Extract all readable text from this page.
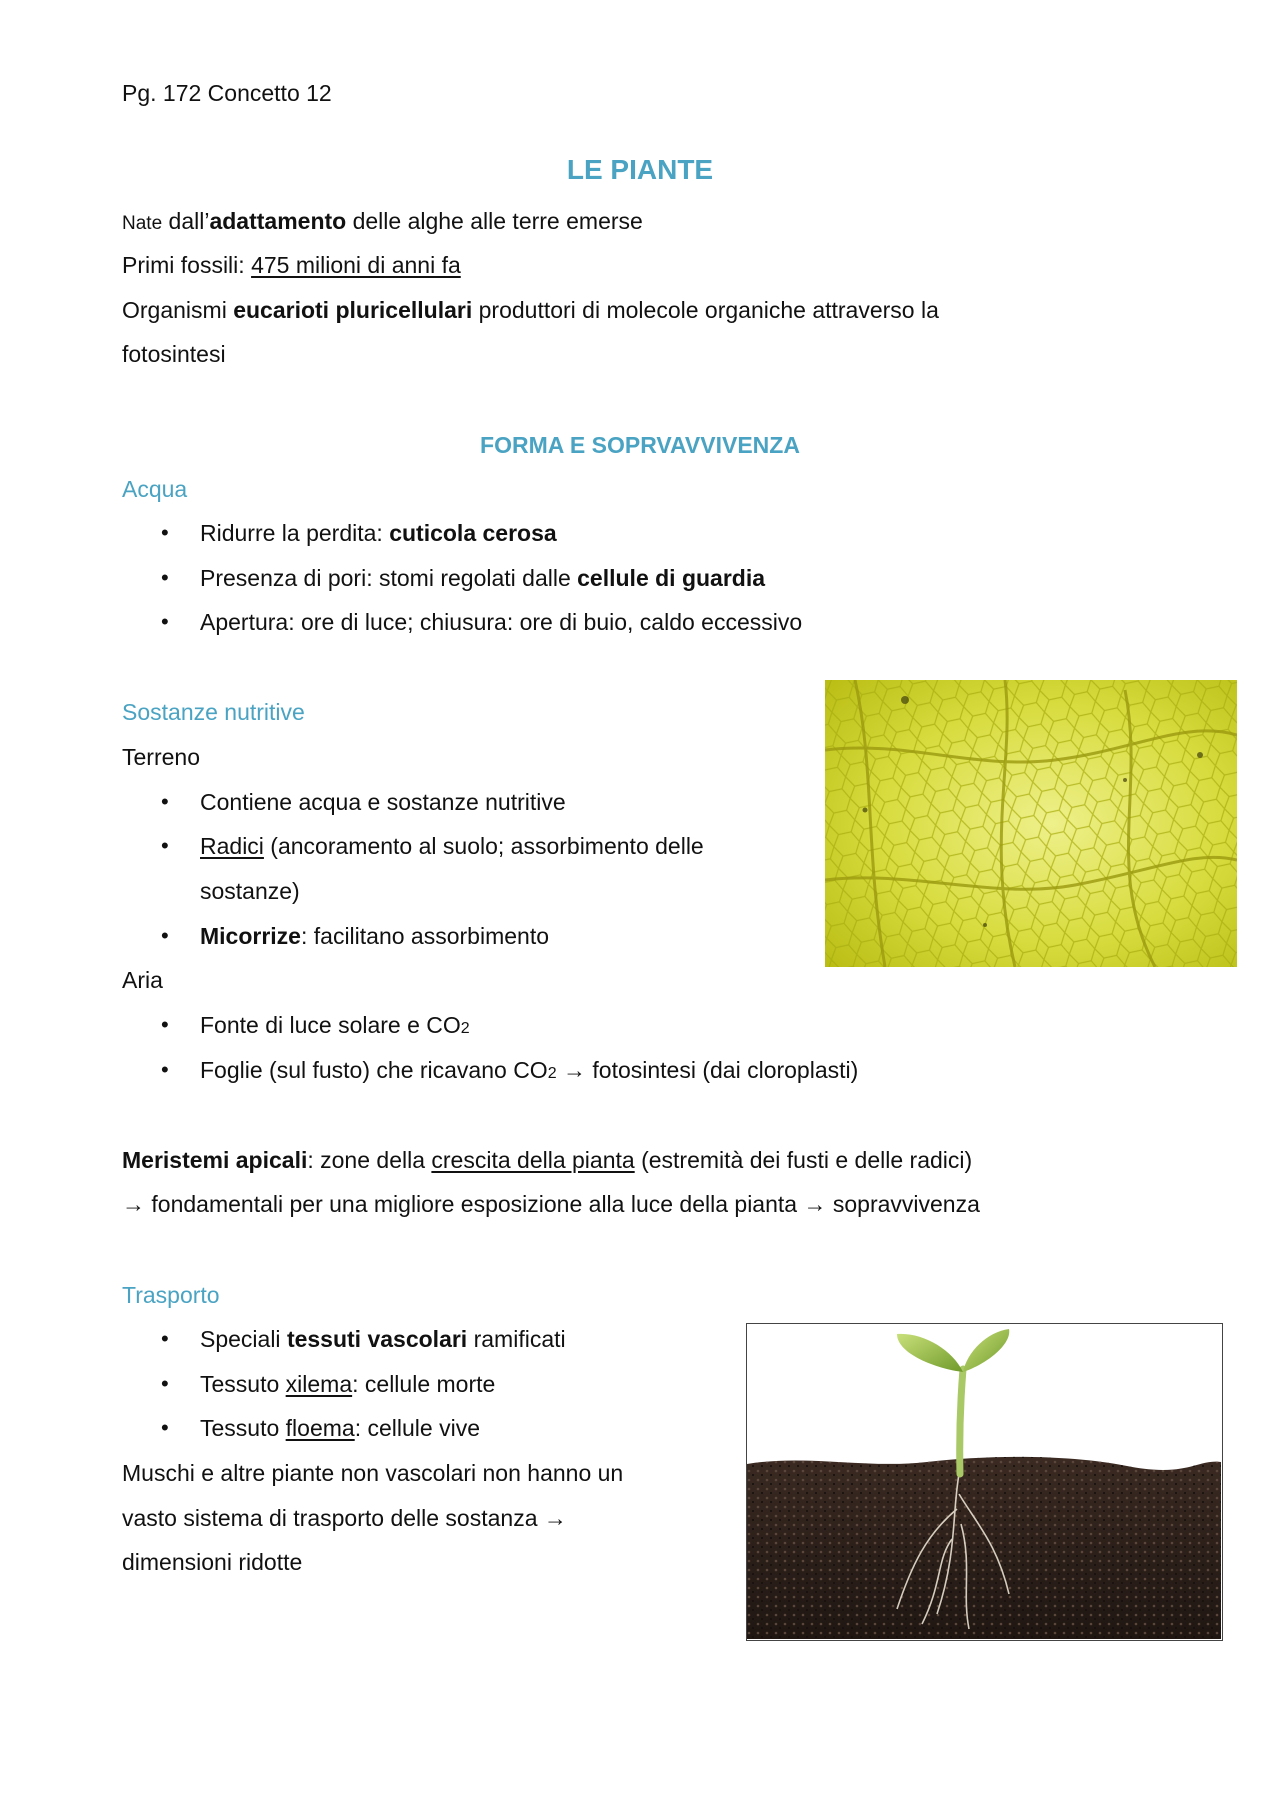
Pg. 172 Concetto 12
LE PIANTE
Nate dall’adattamento delle alghe alle terre emerse
Primi fossili: 475 milioni di anni fa
Organismi eucarioti pluricellulari produttori di molecole organiche attraverso la
fotosintesi
FORMA E SOPRVAVVIVENZA
Acqua
• Ridurre la perdita: cuticola cerosa
• Presenza di pori: stomi regolati dalle cellule di guardia
• Apertura: ore di luce; chiusura: ore di buio, caldo eccessivo
Sostanze nutritive
Terreno
• Contiene acqua e sostanze nutritive
• Radici (ancoramento al suolo; assorbimento delle
sostanze)
• Micorrize: facilitano assorbimento
Aria
• Fonte di luce solare e CO2
• Foglie (sul fusto) che ricavano CO2 → fotosintesi (dai cloroplasti)
Meristemi apicali: zone della crescita della pianta (estremità dei fusti e delle radici)
→ fondamentali per una migliore esposizione alla luce della pianta → sopravvivenza
Trasporto
• Speciali tessuti vascolari ramificati
• Tessuto xilema: cellule morte
• Tessuto floema: cellule vive
Muschi e altre piante non vascolari non hanno un
vasto sistema di trasporto delle sostanza →
dimensioni ridotte
